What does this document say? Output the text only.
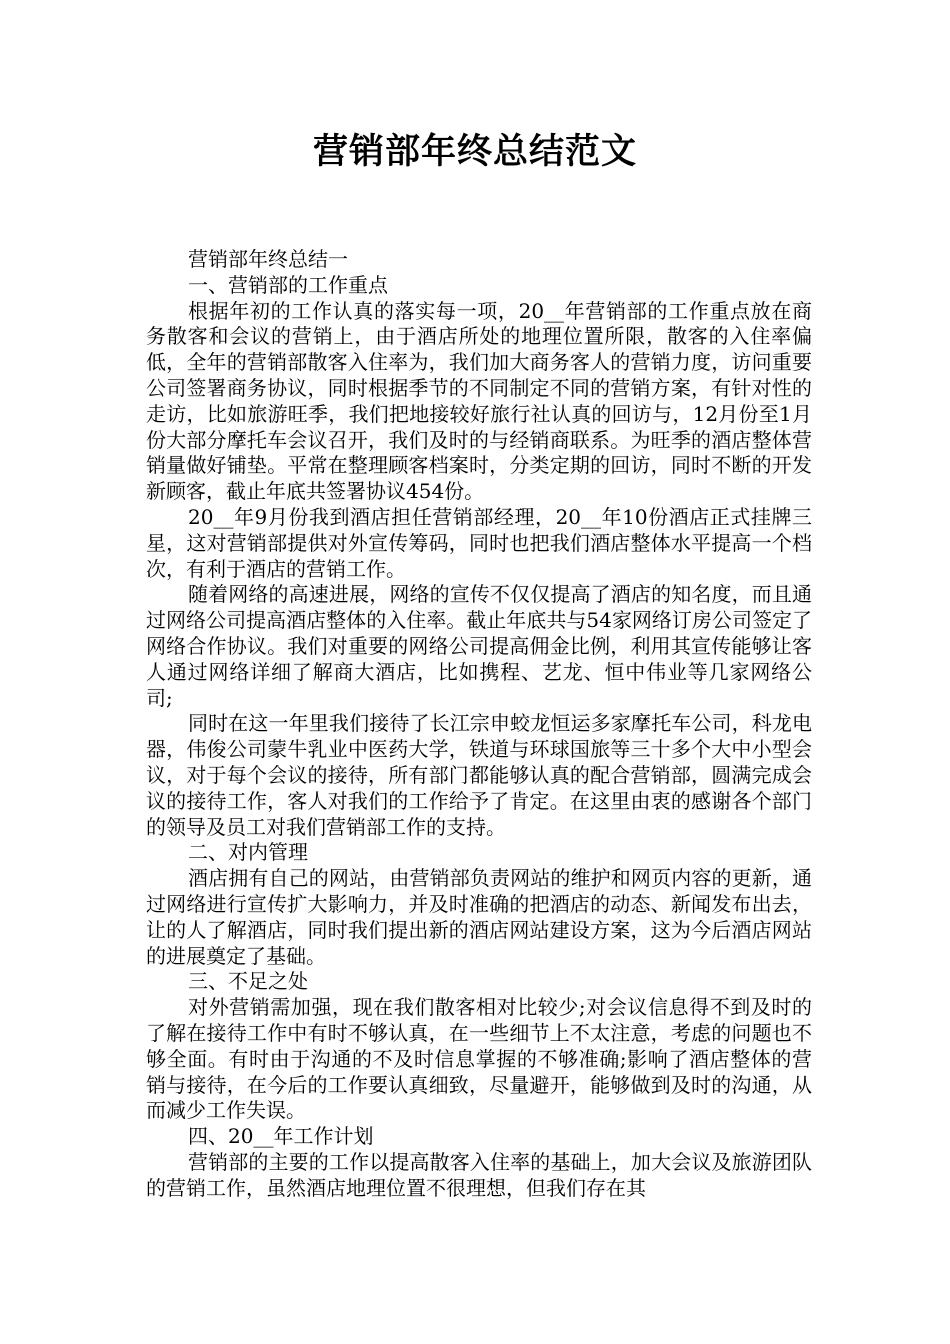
营销部年终总结范文

营销部年终总结一

一、营销部的工作重点

根据年初的工作认真的落实每一项，20__年营销部的工作重点放在商务散客和会议的营销上，由于酒店所处的地理位置所限，散客的入住率偏低，全年的营销部散客入住率为，我们加大商务客人的营销力度，访问重要公司签署商务协议，同时根据季节的不同制定不同的营销方案，有针对性的走访，比如旅游旺季，我们把地接较好旅行社认真的回访与，12月份至1月份大部分摩托车会议召开，我们及时的与经销商联系。为旺季的酒店整体营销量做好铺垫。平常在整理顾客档案时，分类定期的回访，同时不断的开发新顾客，截止年底共签署协议454份。

20__年9月份我到酒店担任营销部经理，20__年10份酒店正式挂牌三星，这对营销部提供对外宣传筹码，同时也把我们酒店整体水平提高一个档次，有利于酒店的营销工作。

随着网络的高速进展，网络的宣传不仅仅提高了酒店的知名度，而且通过网络公司提高酒店整体的入住率。截止年底共与54家网络订房公司签定了网络合作协议。我们对重要的网络公司提高佣金比例，利用其宣传能够让客人通过网络详细了解商大酒店，比如携程、艺龙、恒中伟业等几家网络公司;

同时在这一年里我们接待了长江宗申蛟龙恒运多家摩托车公司，科龙电器，伟俊公司蒙牛乳业中医药大学，铁道与环球国旅等三十多个大中小型会议，对于每个会议的接待，所有部门都能够认真的配合营销部，圆满完成会议的接待工作，客人对我们的工作给予了肯定。在这里由衷的感谢各个部门的领导及员工对我们营销部工作的支持。

二、对内管理

酒店拥有自己的网站，由营销部负责网站的维护和网页内容的更新，通过网络进行宣传扩大影响力，并及时准确的把酒店的动态、新闻发布出去，让的人了解酒店，同时我们提出新的酒店网站建设方案，这为今后酒店网站的进展奠定了基础。

三、不足之处

对外营销需加强，现在我们散客相对比较少;对会议信息得不到及时的了解在接待工作中有时不够认真，在一些细节上不太注意，考虑的问题也不够全面。有时由于沟通的不及时信息掌握的不够准确;影响了酒店整体的营销与接待，在今后的工作要认真细致，尽量避开，能够做到及时的沟通，从而减少工作失误。

四、20__年工作计划

营销部的主要的工作以提高散客入住率的基础上，加大会议及旅游团队的营销工作，虽然酒店地理位置不很理想，但我们存在其
